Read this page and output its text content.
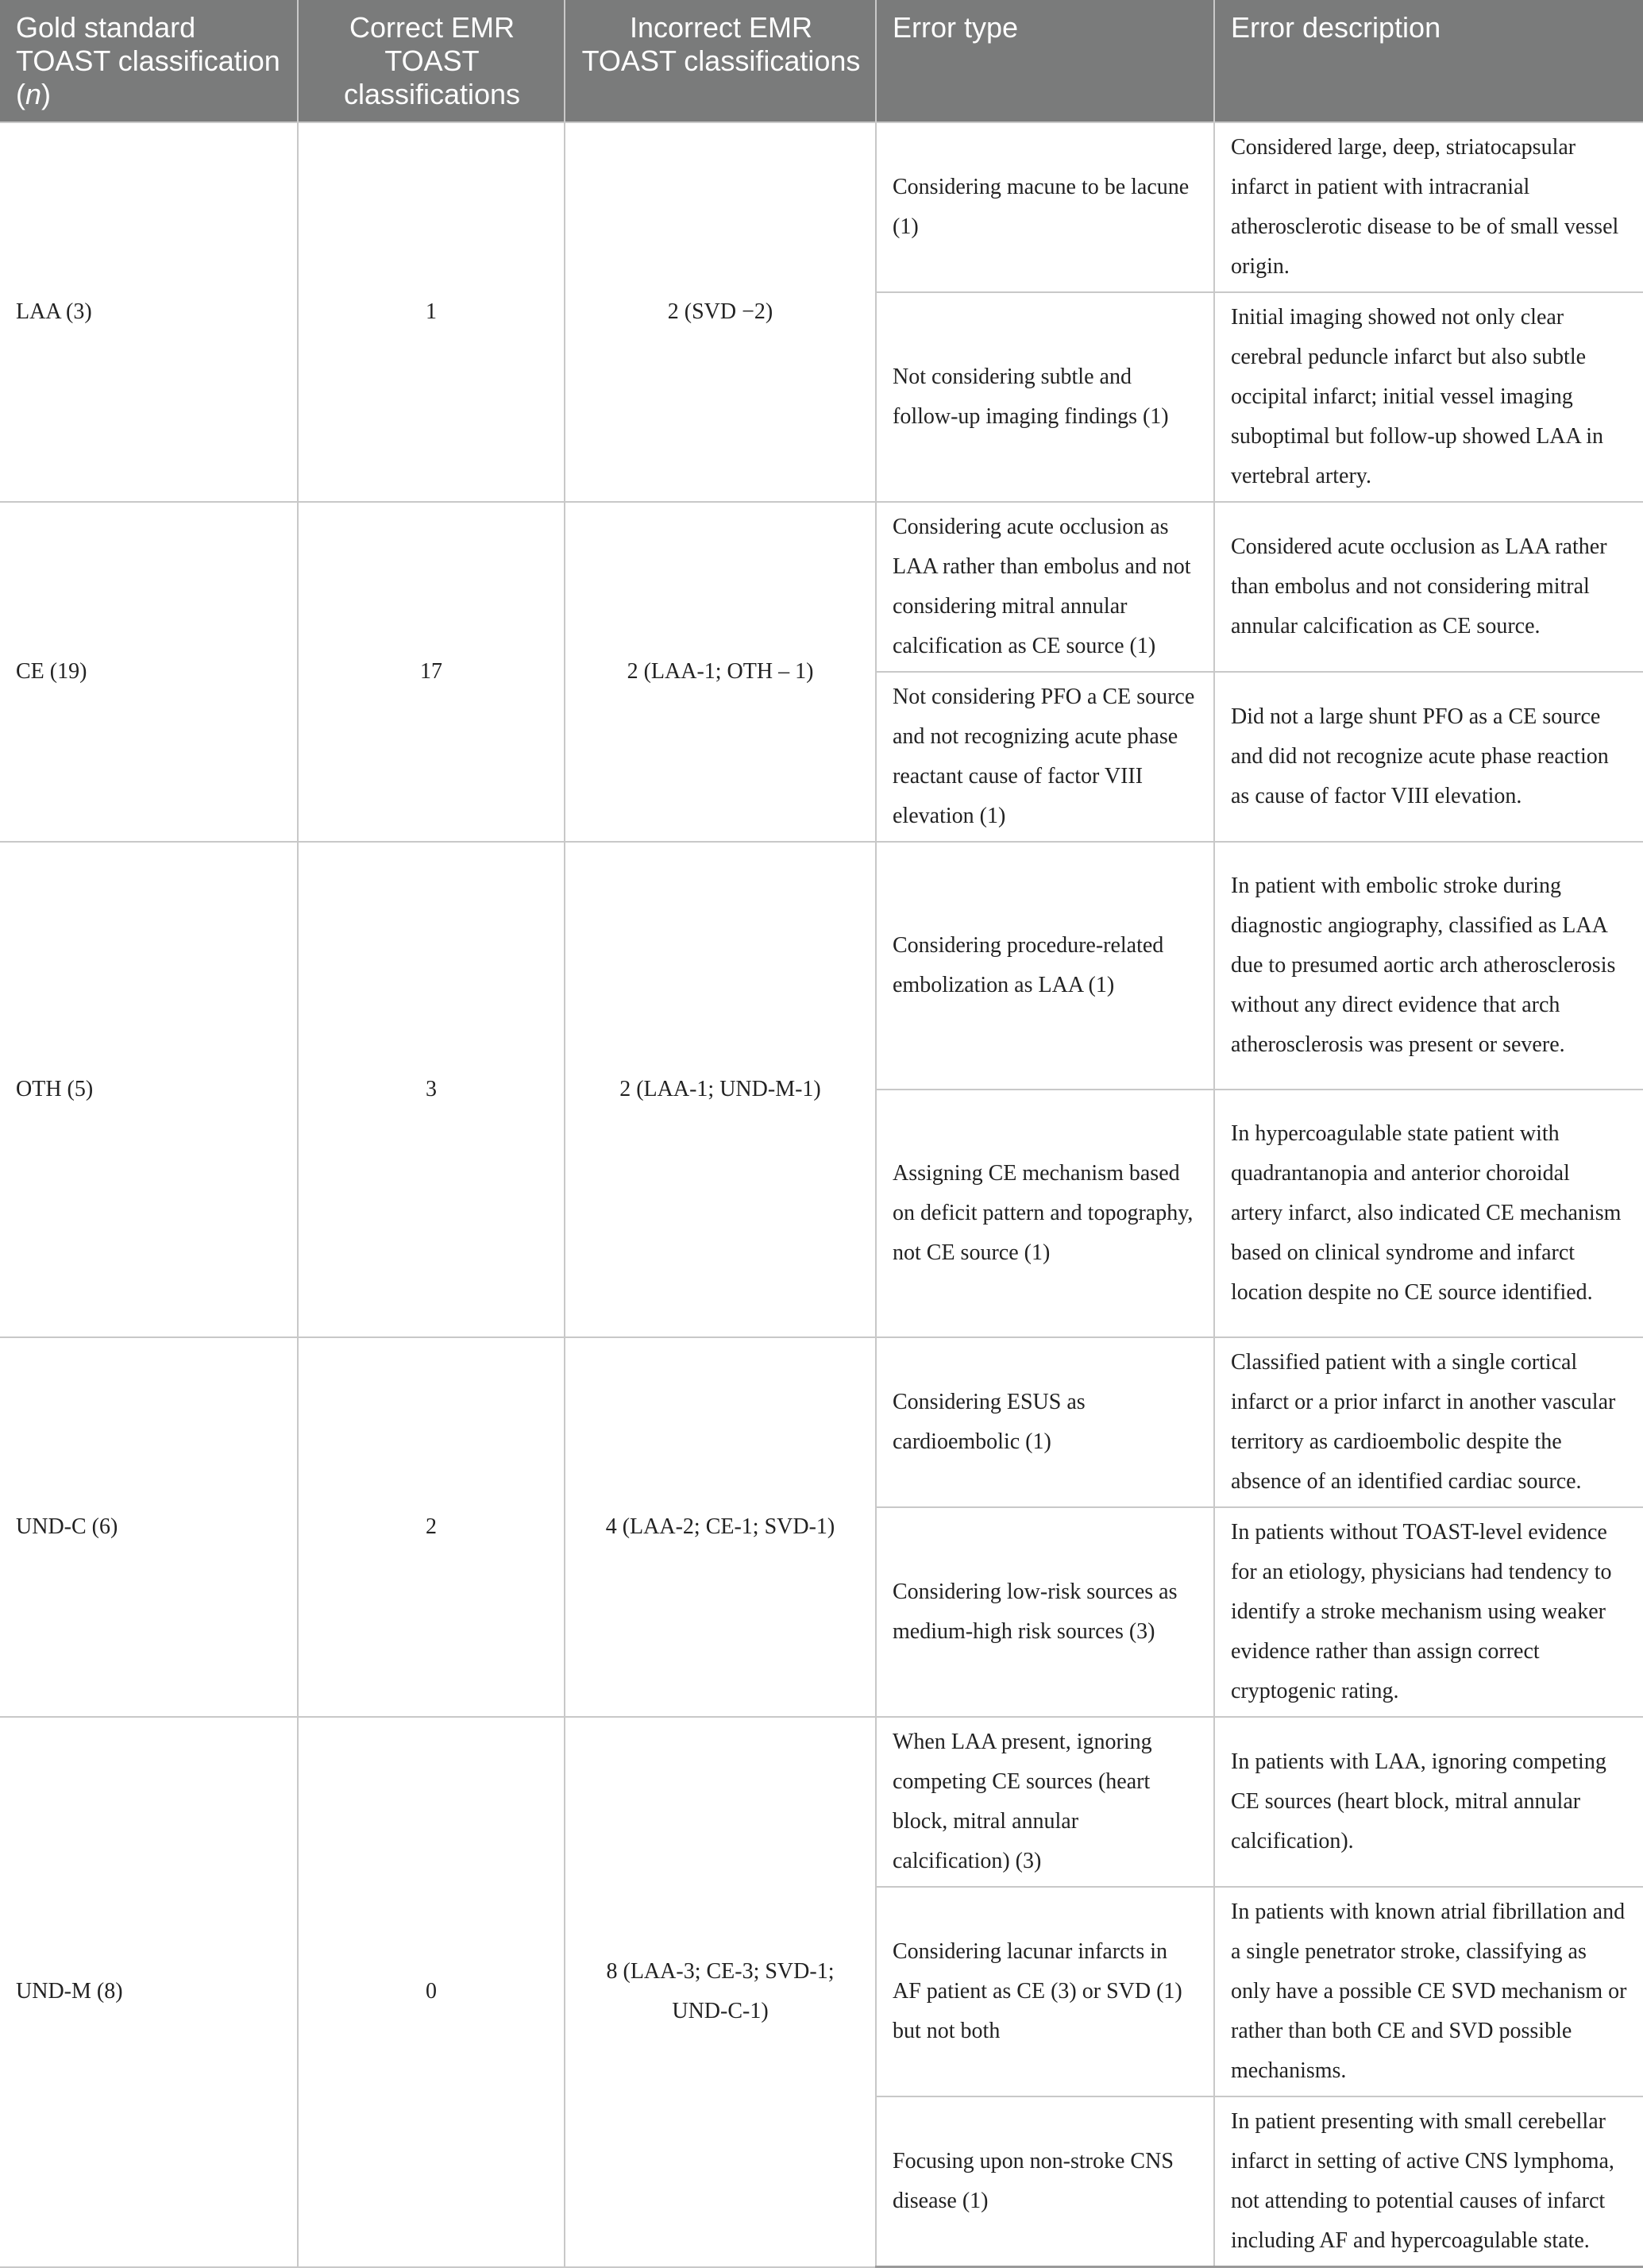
Gold standard TOAST classification (n)	Correct EMR TOAST classifications	Incorrect EMR TOAST classifications	Error type	Error description
LAA (3)	1	2 (SVD −2)	Considering macune to be lacune (1)	Considered large, deep, striatocapsular infarct in patient with intracranial atherosclerotic disease to be of small vessel origin.
			Not considering subtle and follow-up imaging findings (1)	Initial imaging showed not only clear cerebral peduncle infarct but also subtle occipital infarct; initial vessel imaging suboptimal but follow-up showed LAA in vertebral artery.
CE (19)	17	2 (LAA-1; OTH – 1)	Considering acute occlusion as LAA rather than embolus and not considering mitral annular calcification as CE source (1)	Considered acute occlusion as LAA rather than embolus and not considering mitral annular calcification as CE source.
			Not considering PFO a CE source and not recognizing acute phase reactant cause of factor VIII elevation (1)	Did not a large shunt PFO as a CE source and did not recognize acute phase reaction as cause of factor VIII elevation.
OTH (5)	3	2 (LAA-1; UND-M-1)	Considering procedure-related embolization as LAA (1)	In patient with embolic stroke during diagnostic angiography, classified as LAA due to presumed aortic arch atherosclerosis without any direct evidence that arch atherosclerosis was present or severe.
			Assigning CE mechanism based on deficit pattern and topography, not CE source (1)	In hypercoagulable state patient with quadrantanopia and anterior choroidal artery infarct, also indicated CE mechanism based on clinical syndrome and infarct location despite no CE source identified.
UND-C (6)	2	4 (LAA-2; CE-1; SVD-1)	Considering ESUS as cardioembolic (1)	Classified patient with a single cortical infarct or a prior infarct in another vascular territory as cardioembolic despite the absence of an identified cardiac source.
			Considering low-risk sources as medium-high risk sources (3)	In patients without TOAST-level evidence for an etiology, physicians had tendency to identify a stroke mechanism using weaker evidence rather than assign correct cryptogenic rating.
UND-M (8)	0	8 (LAA-3; CE-3; SVD-1; UND-C-1)	When LAA present, ignoring competing CE sources (heart block, mitral annular calcification) (3)	In patients with LAA, ignoring competing CE sources (heart block, mitral annular calcification).
			Considering lacunar infarcts in AF patient as CE (3) or SVD (1) but not both	In patients with known atrial fibrillation and a single penetrator stroke, classifying as only have a possible CE SVD mechanism or rather than both CE and SVD possible mechanisms.
			Focusing upon non-stroke CNS disease (1)	In patient presenting with small cerebellar infarct in setting of active CNS lymphoma, not attending to potential causes of infarct including AF and hypercoagulable state.
